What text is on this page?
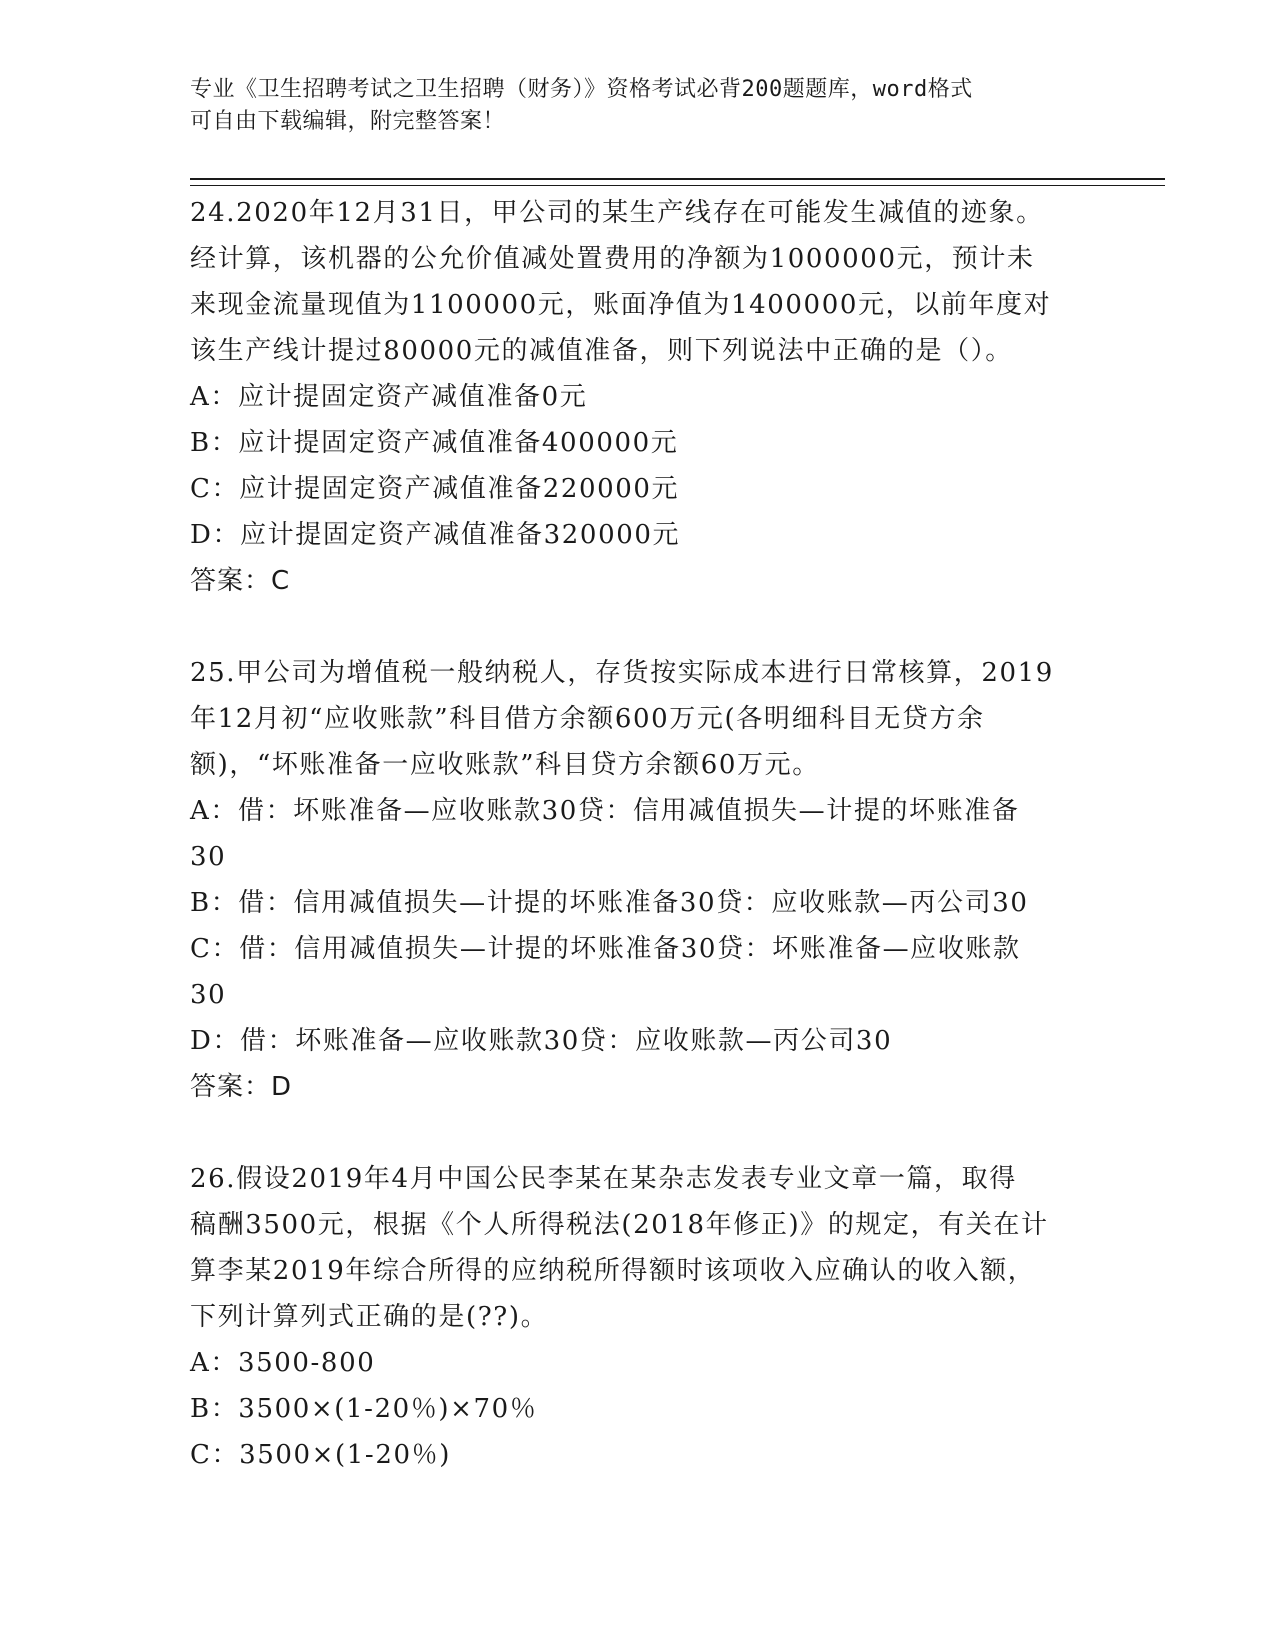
专业《卫生招聘考试之卫生招聘（财务）》资格考试必背200题题库，word格式
可自由下载编辑，附完整答案！

24.2020年12月31日，甲公司的某生产线存在可能发生减值的迹象。

经计算，该机器的公允价值减处置费用的净额为1000000元，预计未

来现金流量现值为1100000元，账面净值为1400000元，以前年度对

该生产线计提过80000元的减值准备，则下列说法中正确的是（）。

A：应计提固定资产减值准备0元

B：应计提固定资产减值准备400000元

C：应计提固定资产减值准备220000元

D：应计提固定资产减值准备320000元

答案：C

25.甲公司为增值税一般纳税人，存货按实际成本进行日常核算，2019

年12月初“应收账款”科目借方余额600万元(各明细科目无贷方余

额)，“坏账准备一应收账款”科目贷方余额60万元。

A：借：坏账准备—应收账款30贷：信用减值损失—计提的坏账准备

30

B：借：信用减值损失—计提的坏账准备30贷：应收账款—丙公司30

C：借：信用减值损失—计提的坏账准备30贷：坏账准备—应收账款

30

D：借：坏账准备—应收账款30贷：应收账款—丙公司30

答案：D

26.假设2019年4月中国公民李某在某杂志发表专业文章一篇，取得

稿酬3500元，根据《个人所得税法(2018年修正)》的规定，有关在计

算李某2019年综合所得的应纳税所得额时该项收入应确认的收入额，

下列计算列式正确的是(??)。

A：3500-800

B：3500×(1-20％)×70％

C：3500×(1-20％)
